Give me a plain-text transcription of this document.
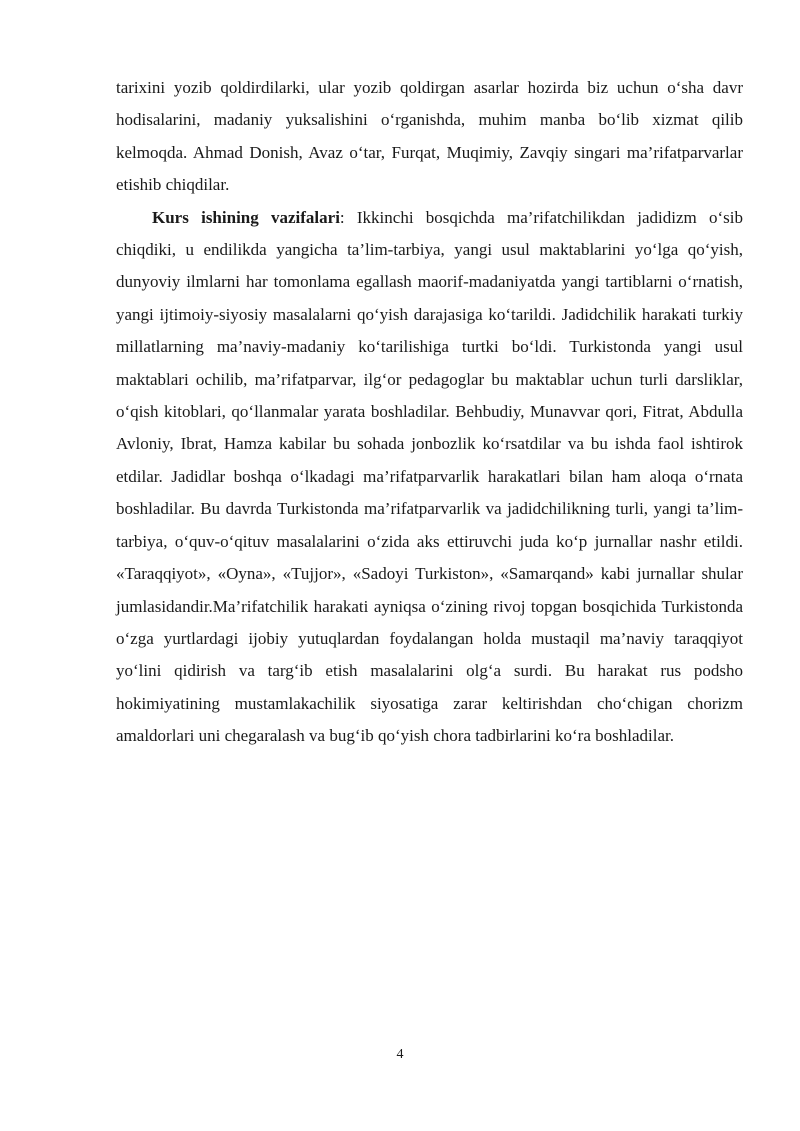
tarixini yozib qoldirdilarki, ular yozib qoldirgan asarlar hozirda biz uchun o‘sha davr hodisalarini, madaniy yuksalishini o‘rganishda, muhim manba bo‘lib xizmat qilib kelmoqda. Ahmad Donish, Avaz o‘tar, Furqat, Muqimiy, Zavqiy singari ma’rifatparvarlar etishib chiqdilar.

Kurs ishining vazifalari: Ikkinchi bosqichda ma’rifatchilikdan jadidizm o‘sib chiqdiki, u endilikda yangicha ta’lim-tarbiya, yangi usul maktablarini yo‘lga qo‘yish, dunyoviy ilmlarni har tomonlama egallash maorif-madaniyatda yangi tartiblarni o‘rnatish, yangi ijtimoiy-siyosiy masalalarni qo‘yish darajasiga ko‘tarildi. Jadidchilik harakati turkiy millatlarning ma’naviy-madaniy ko‘tarilishiga turtki bo‘ldi. Turkistonda yangi usul maktablari ochilib, ma’rifatparvar, ilg‘or pedagoglar bu maktablar uchun turli darsliklar, o‘qish kitoblari, qo‘llanmalar yarata boshladilar. Behbudiy, Munavvar qori, Fitrat, Abdulla Avloniy, Ibrat, Hamza kabilar bu sohada jonbozlik ko‘rsatdilar va bu ishda faol ishtirok etdilar. Jadidlar boshqa o‘lkadagi ma’rifatparvarlik harakatlari bilan ham aloqa o‘rnata boshladilar. Bu davrda Turkistonda ma’rifatparvarlik va jadidchilikning turli, yangi ta’lim-tarbiya, o‘quv-o‘qituv masalalarini o‘zida aks ettiruvchi juda ko‘p jurnallar nashr etildi. «Taraqqiyot», «Oyna», «Tujjor», «Sadoyi Turkiston», «Samarqand» kabi jurnallar shular jumlasidandir.Ma’rifatchilik harakati ayniqsa o‘zining rivoj topgan bosqichida Turkistonda o‘zga yurtlardagi ijobiy yutuqlardan foydalangan holda mustaqil ma’naviy taraqqiyot yo‘lini qidirish va targ‘ib etish masalalarini olg‘a surdi. Bu harakat rus podsho hokimiyatining mustamlakachilik siyosatiga zarar keltirishdan cho‘chigan chorizm amaldorlari uni chegaralash va bug‘ib qo‘yish chora tadbirlarini ko‘ra boshladilar.

4
